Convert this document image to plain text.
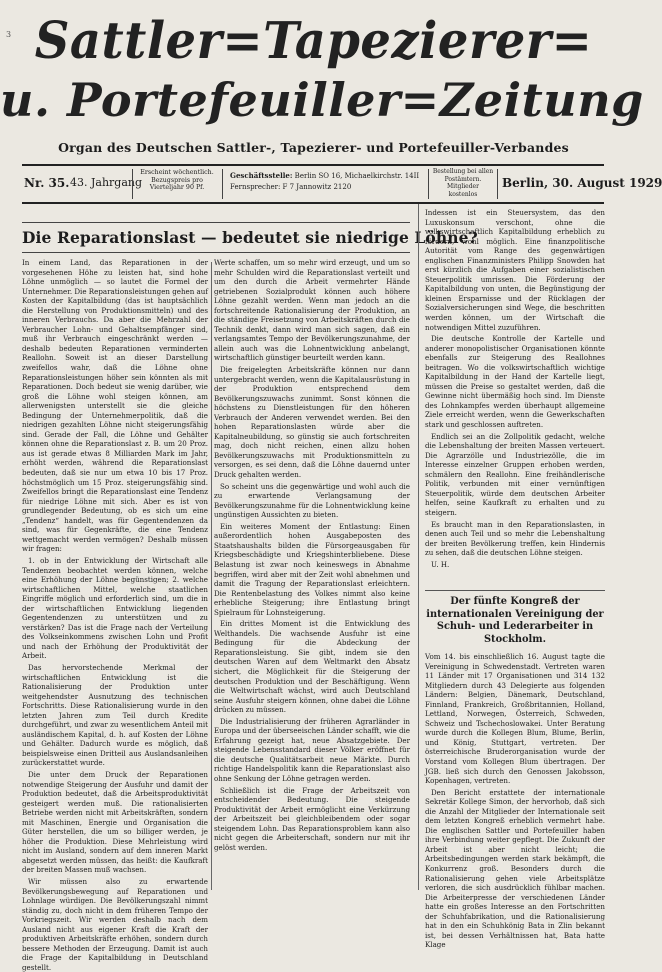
3 Sattler=Tapezierer=
u. Portefeuiller=Zeitung
Organ des Deutschen Sattler-, Tapezierer- und Portefeuiller-Verbandes
Nr. 35. 43. Jahrgang
Erscheint wöchentlich. Bezugspreis pro Vierteljahr 90 Pf.
Geschäftsstelle: Berlin SO 16, Michaelkirchstr. 14II
Fernsprecher: F 7 Jannowitz 2120
Bestellung bei allen Postämtern. Mitglieder kostenlos
Berlin, 30. August 1929
Die Reparationslast — bedeutet sie niedrige Löhne?

In einem Land, das Reparationen in der vorgesehenen Höhe zu leisten hat, sind hohe Löhne unmöglich — so lautet die Formel der Unternehmer. Die Reparationsleistungen gehen auf Kosten der Kapitalbildung (das ist hauptsächlich die Herstellung von Produktionsmitteln) und des inneren Verbrauchs. Da aber die Mehrzahl der Verbraucher Lohn- und Gehaltsempfänger sind, muß ihr Verbrauch eingeschränkt werden — deshalb bedeuten Reparationen verminderten Reallohn. Soweit ist an dieser Darstellung zweifellos wahr, daß die Löhne ohne Reparationsleistungen höher sein könnten als mit Reparationen. Doch bedeut sie wenig darüber, wie groß die Löhne wohl steigen können, am allerwenigsten unterstellt sie die gleiche Bedingung der Unternehmerpolitik, daß die niedrigen gezahlten Löhne nicht steigerungsfähig sind. Gerade der Fall, die Löhne und Gehälter können ohne die Reparationslast z. B. um 20 Proz. aus ist gerade etwas 8 Milliarden Mark im Jahr, erhöht werden, während die Reparationslast bedeuten, daß sie nur um etwa 10 bis 17 Proz. höchstmöglich um 15 Proz. steigerungsfähig sind. Zweifellos bringt die Reparationslast eine Tendenz für niedrige Löhne mit sich. Aber es ist von grundlegender Bedeutung, ob es sich um eine „Tendenz“ handelt, was für Gegentendenzen da sind, was für Gegenkräfte, die eine Tendenz wettgemacht werden vermögen? Deshalb müssen wir fragen:

1. ob in der Entwicklung der Wirtschaft alle Tendenzen beobachtet werden können, welche eine Erhöhung der Löhne begünstigen; 2. welche wirtschaftlichen Mittel, welche staatlichen Eingriffe möglich und erforderlich sind, um die in der wirtschaftlichen Entwicklung liegenden Gegentendenzen zu unterstützen und zu verstärken? Das ist die Frage nach der Verteilung des Volkseinkommens zwischen Lohn und Profit und nach der Erhöhung der Produktivität der Arbeit.

Das hervorstechende Merkmal der wirtschaftlichen Entwicklung ist die Rationalisierung der Produktion unter weitgehendster Ausnutzung des technischen Fortschritts. Diese Rationalisierung wurde in den letzten Jahren zum Teil durch Kredite durchgeführt, und zwar zu wesentlichem Anteil mit ausländischem Kapital, d. h. auf Kosten der Löhne und Gehälter. Dadurch wurde es möglich, daß beispielsweise einen Dritteil aus Auslandsanleihen zurückerstattet wurde.

Die unter dem Druck der Reparationen notwendige Steigerung der Ausfuhr und damit der Produktion bedeutet, daß die Arbeitsproduktivität gesteigert werden muß. Die rationalisierten Betriebe werden nicht mit Arbeitskräften, sondern mit Maschinen, Energie und Organisation die Güter herstellen, die um so billiger werden, je höher die Produktion. Diese Mehrleistung wird nicht im Ausland, sondern auf dem inneren Markt abgesetzt werden müssen, das heißt: die Kaufkraft der breiten Massen muß wachsen.

Wir müssen also zu erwartende Bevölkerungsbewegung auf Reparationen und Lohnlage würdigen. Die Bevölkerungszahl nimmt ständig zu, doch nicht in dem früheren Tempo der Vorkriegszeit. Wir werden deshalb nach dem Ausland nicht aus eigener Kraft die Kraft der produktiven Arbeitskräfte erhöhen, sondern durch bessere Methoden der Erzeugung. Damit ist auch die Frage der Kapitalbildung in Deutschland gestellt.

Werte schaffen, um so mehr wird erzeugt, und um so mehr Schulden wird die Reparationslast verteilt und um den durch die Arbeit vermehrter Hände getriebenen Sozialprodukt können auch höhere Löhne gezahlt werden. Wenn man jedoch an die fortschreitende Rationalisierung der Produktion, an die ständige Freisetzung von Arbeitskräften durch die Technik denkt, dann wird man sich sagen, daß ein verlangsamtes Tempo der Bevölkerungszunahme, der allein auch was die Lohnentwicklung anbelangt, wirtschaftlich günstiger beurteilt werden kann.

Die freigelegten Arbeitskräfte können nur dann untergebracht werden, wenn die Kapitalausrüstung in der Produktion entsprechend dem Bevölkerungszuwachs zunimmt. Sonst können die höchstens zu Dienstleistungen für den höheren Verbrauch der Anderen verwendet werden. Bei den hohen Reparationslasten würde aber die Kapitalneubildung, so günstig sie auch fortschreiten mag, doch nicht reichen, einen allzu hohen Bevölkerungszuwachs mit Produktionsmitteln zu versorgen, es sei denn, daß die Löhne dauernd unter Druck gehalten werden.

So scheint uns die gegenwärtige und wohl auch die zu erwartende Verlangsamung der Bevölkerungszunahme für die Lohnentwicklung keine ungünstigen Aussichten zu bieten.

Ein weiteres Moment der Entlastung: Einen außerordentlich hohen Ausgabeposten des Staatshaushalts bilden die Fürsorgeausgaben für Kriegsbeschädigte und Kriegshinterbliebene. Diese Belastung ist zwar noch keineswegs in Abnahme begriffen, wird aber mit der Zeit wohl abnehmen und damit die Tragung der Reparationslast erleichtern. Die Rentenbelastung des Volkes nimmt also keine erhebliche Steigerung; ihre Entlastung bringt Spielraum für Lohnsteigerung.

Ein drittes Moment ist die Entwicklung des Welthandels. Die wachsende Ausfuhr ist eine Bedingung für die Abdeckung der Reparationsleistung. Sie gibt, indem sie den deutschen Waren auf dem Weltmarkt den Absatz sichert, die Möglichkeit für die Steigerung der deutschen Produktion und der Beschäftigung. Wenn die Weltwirtschaft wächst, wird auch Deutschland seine Ausfuhr steigern können, ohne dabei die Löhne drücken zu müssen.

Die Industrialisierung der früheren Agrarländer in Europa und der überseeischen Länder schafft, wie die Erfahrung gezeigt hat, neue Absatzgebiete. Der steigende Lebensstandard dieser Völker eröffnet für die deutsche Qualitätsarbeit neue Märkte. Durch richtige Handelspolitik kann die Reparationslast also ohne Senkung der Löhne getragen werden.

Schließlich ist die Frage der Arbeitszeit von entscheidender Bedeutung. Die steigende Produktivität der Arbeit ermöglicht eine Verkürzung der Arbeitszeit bei gleichbleibendem oder sogar steigendem Lohn. Das Reparationsproblem kann also nicht gegen die Arbeiterschaft, sondern nur mit ihr gelöst werden.

Indessen ist ein Steuersystem, das den Luxuskonsum verschont, ohne die volkswirtschaftlich Kapitalbildung erheblich zu fördern, wohl möglich. Eine finanzpolitische Autorität vom Range des gegenwärtigen englischen Finanzministers Philipp Snowden hat erst kürzlich die Aufgaben einer sozialistischen Steuerpolitik umrissen. Die Förderung der Kapitalbildung von unten, die Begünstigung der kleinen Ersparnisse und der Rücklagen der Sozialversicherungen sind Wege, die beschritten werden können, um der Wirtschaft die notwendigen Mittel zuzuführen.

Die deutsche Kontrolle der Kartelle und anderer monopolistischer Organisationen könnte ebenfalls zur Steigerung des Reallohnes beitragen. Wo die volkswirtschaftlich wichtige Kapitalbildung in der Hand der Kartelle liegt, müssen die Preise so gestaltet werden, daß die Gewinne nicht übermäßig hoch sind. Im Dienste des Lohnkampfes werden überhaupt allgemeine Ziele erreicht werden, wenn die Gewerkschaften stark und geschlossen auftreten.

Endlich sei an die Zollpolitik gedacht, welche die Lebenshaltung der breiten Massen verteuert. Die Agrarzölle und Industriezölle, die im Interesse einzelner Gruppen erhoben werden, schmälern den Reallohn. Eine freihändlerische Politik, verbunden mit einer vernünftigen Steuerpolitik, würde dem deutschen Arbeiter helfen, seine Kaufkraft zu erhalten und zu steigern.

Es braucht man in den Reparationslasten, in denen auch Teil und so mehr die Lebenshaltung der breiten Bevölkerung treffen, kein Hindernis zu sehen, daß die deutschen Löhne steigen.

U. H.

Der fünfte Kongreß der internationalen Vereinigung der Schuh- und Lederarbeiter in Stockholm.

Vom 14. bis einschließlich 16. August tagte die Vereinigung in Schwedenstadt. Vertreten waren 11 Länder mit 17 Organisationen und 314 132 Mitgliedern durch 43 Delegierte aus folgenden Ländern: Belgien, Dänemark, Deutschland, Finnland, Frankreich, Großbritannien, Holland, Lettland, Norwegen, Österreich, Schweden, Schweiz und Tschechoslowakei. Unter Beratung wurde durch die Kollegen Blum, Blume, Berlin, und König, Stuttgart, vertreten. Der österreichische Bruderorganisation wurde der Vorstand vom Kollegen Blum übertragen. Der JGB. ließ sich durch den Genossen Jakobsson, Kopenhagen, vertreten.

Den Bericht erstattete der internationale Sekretär Kollege Simon, der hervorhob, daß sich die Anzahl der Mitglieder der Internationale seit dem letzten Kongreß erheblich vermehrt habe. Die englischen Sattler und Portefeuiller haben ihre Verbindung weiter gepflegt. Die Zukunft der Arbeit ist aber nicht leicht; die Arbeitsbedingungen werden stark bekämpft, die Konkurrenz groß. Besonders durch die Rationalisierung gehen viele Arbeitsplätze verloren, die sich ausdrücklich fühlbar machen. Die Arbeiterpresse der verschiedenen Länder hatte ein großes Interesse an den Fortschritten der Schuhfabrikation, und die Rationalisierung hat in den ein Schuhkönig Bata in Zlin bekannt ist, bei dessen Verhältnissen hat, Bata hatte Klage
